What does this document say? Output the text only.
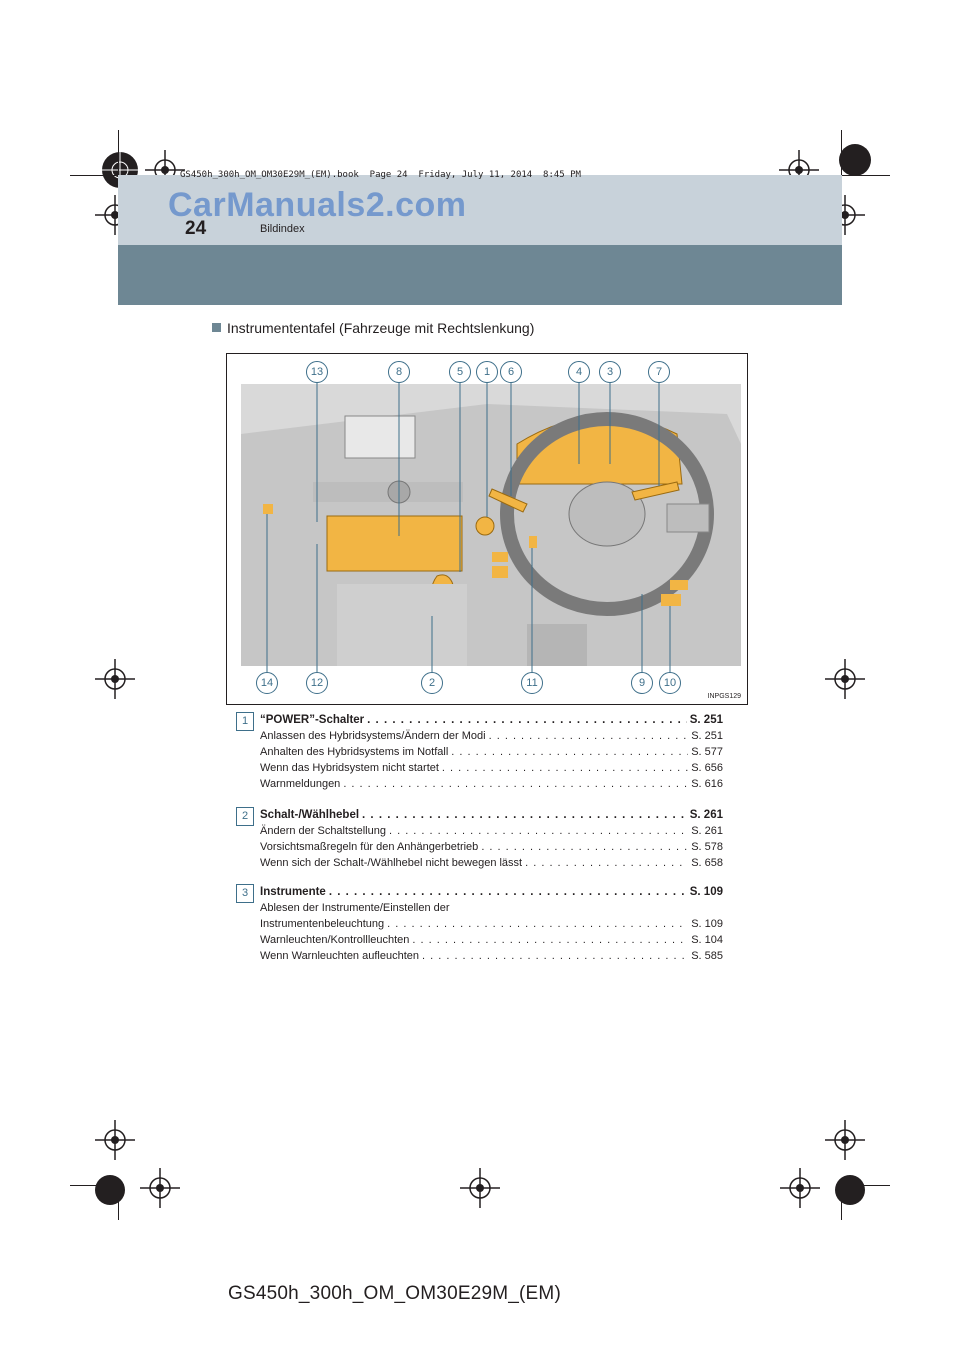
GS450h_300h_OM_OM30E29M_(EM).book  Page 24  Friday, July 11, 2014  8:45 PM
CarManuals2.com
24	Bildindex
Instrumententafel (Fahrzeuge mit Rechtslenkung)
13	8	5	1	6	4	3	7
14	12	2	11	9	10
INPGS129
1	“POWER”-Schalter . . .	S. 251
Anlassen des Hybridsystems/Ändern der Modi . . .	S. 251
Anhalten des Hybridsystems im Notfall . . .	S. 577
Wenn das Hybridsystem nicht startet . . .	S. 656
Warnmeldungen . . .	S. 616
2	Schalt-/Wählhebel . . .	S. 261
Ändern der Schaltstellung . . .	S. 261
Vorsichtsmaßregeln für den Anhängerbetrieb . . .	S. 578
Wenn sich der Schalt-/Wählhebel nicht bewegen lässt . . .	S. 658
3	Instrumente . . .	S. 109
Ablesen der Instrumente/Einstellen der
Instrumentenbeleuchtung . . .	S. 109
Warnleuchten/Kontrollleuchten . . .	S. 104
Wenn Warnleuchten aufleuchten . . .	S. 585
GS450h_300h_OM_OM30E29M_(EM)
